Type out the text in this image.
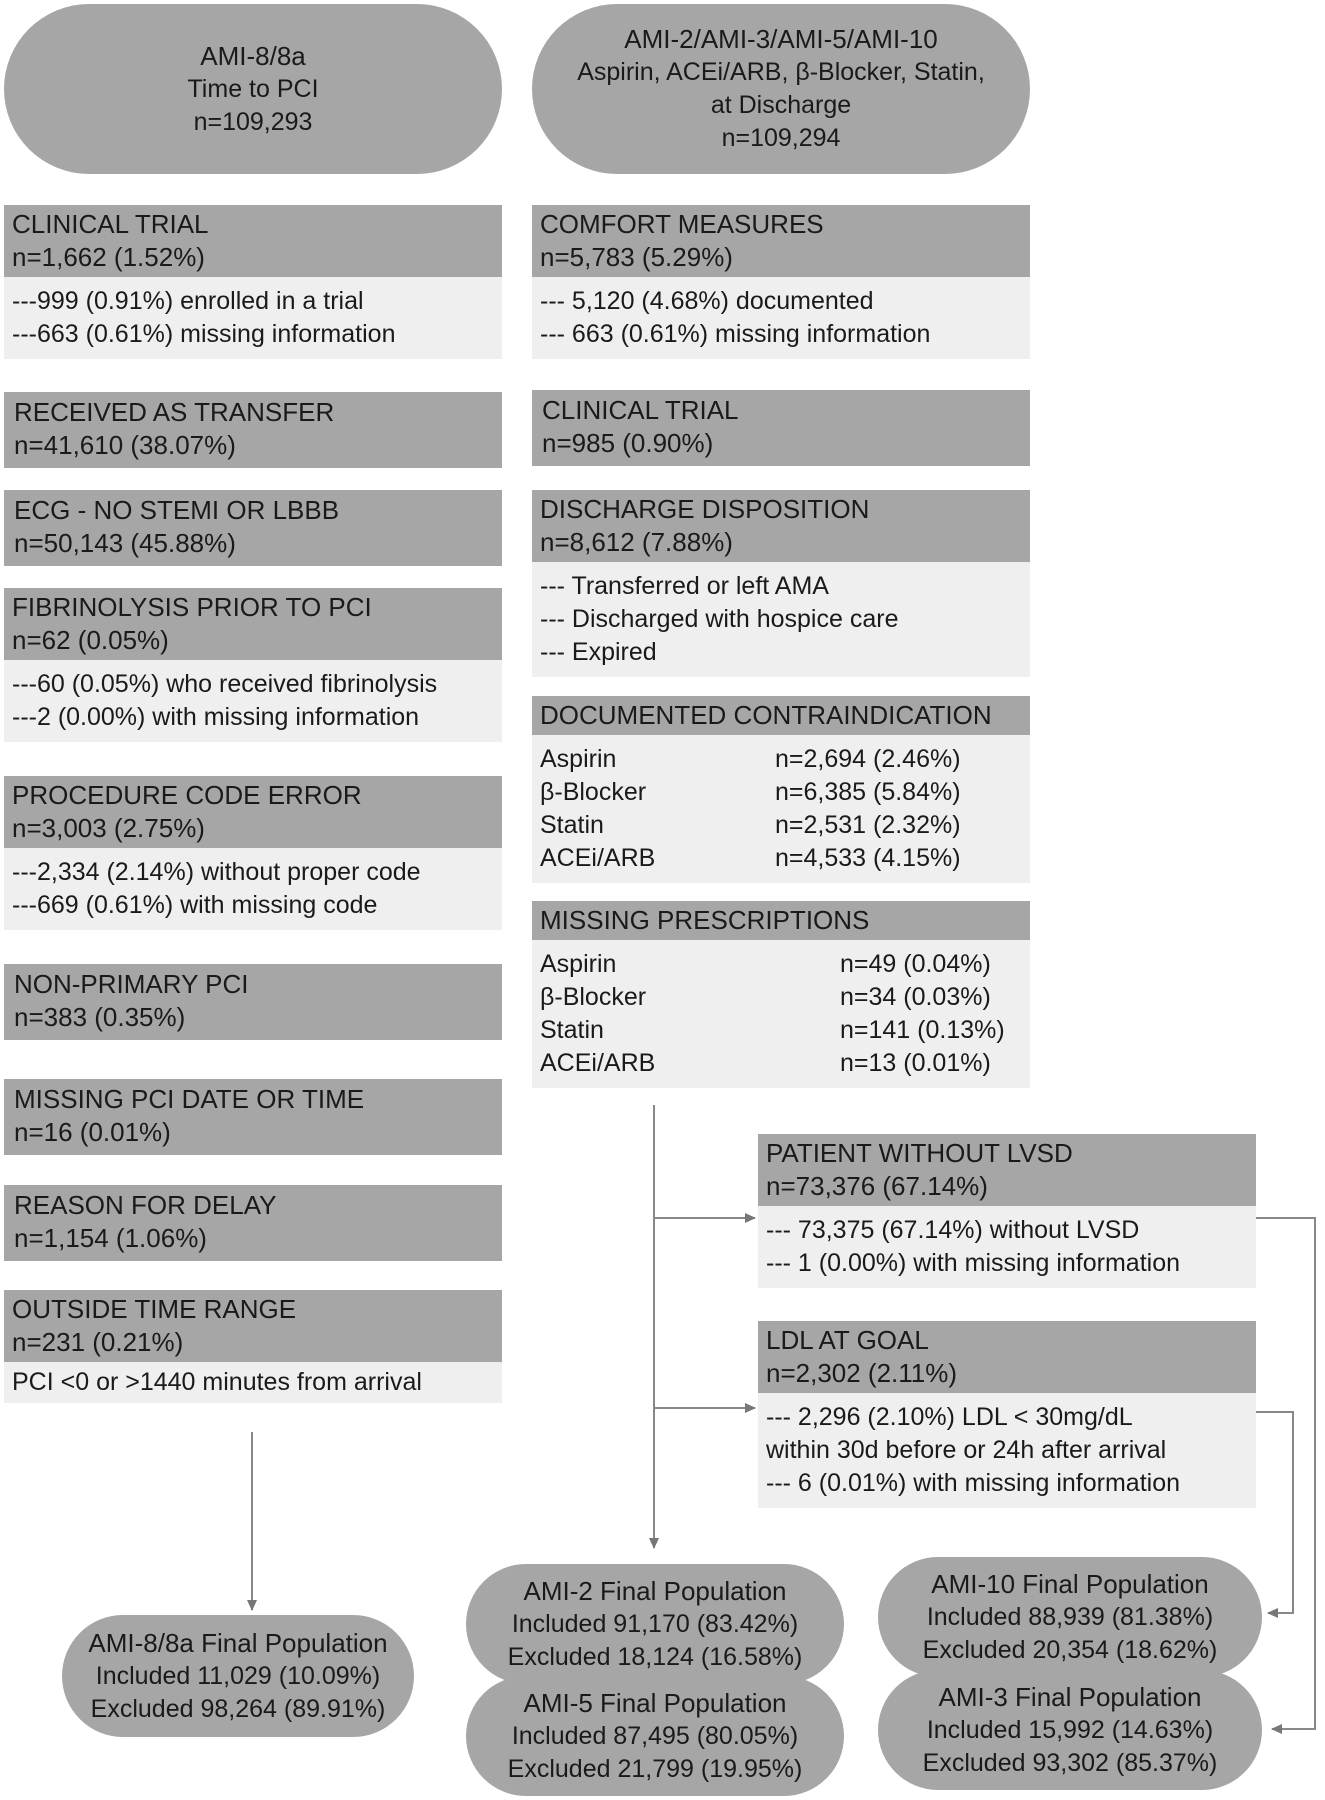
AMI-8/8a
Time to PCI
n=109,293
AMI-2/AMI-3/AMI-5/AMI-10
Aspirin, ACEi/ARB, β-Blocker, Statin,
at Discharge
n=109,294
CLINICAL TRIAL
n=1,662 (1.52%)
---999 (0.91%) enrolled in a trial
---663 (0.61%) missing information
RECEIVED AS TRANSFER
n=41,610 (38.07%)
ECG - NO STEMI OR LBBB
n=50,143 (45.88%)
FIBRINOLYSIS PRIOR TO PCI
n=62 (0.05%)
---60 (0.05%) who received fibrinolysis
---2 (0.00%) with missing information
PROCEDURE CODE ERROR
n=3,003 (2.75%)
---2,334 (2.14%) without proper code
---669 (0.61%) with missing code
NON-PRIMARY PCI
n=383 (0.35%)
MISSING PCI DATE OR TIME
n=16 (0.01%)
REASON FOR DELAY
n=1,154 (1.06%)
OUTSIDE TIME RANGE
n=231 (0.21%)
PCI <0 or >1440 minutes from arrival
COMFORT MEASURES
n=5,783 (5.29%)
--- 5,120 (4.68%) documented
--- 663 (0.61%) missing information
CLINICAL TRIAL
n=985 (0.90%)
DISCHARGE DISPOSITION
n=8,612 (7.88%)
--- Transferred or left AMA
--- Discharged with hospice care
--- Expired
DOCUMENTED CONTRAINDICATION
Aspirin	n=2,694 (2.46%)
β-Blocker	n=6,385 (5.84%)
Statin	n=2,531 (2.32%)
ACEi/ARB	n=4,533 (4.15%)
MISSING PRESCRIPTIONS
Aspirin	n=49 (0.04%)
β-Blocker	n=34 (0.03%)
Statin	n=141 (0.13%)
ACEi/ARB	n=13 (0.01%)
PATIENT WITHOUT LVSD
n=73,376 (67.14%)
--- 73,375 (67.14%) without LVSD
--- 1 (0.00%) with missing information
LDL AT GOAL
n=2,302 (2.11%)
--- 2,296 (2.10%) LDL < 30mg/dL
within 30d before or 24h after arrival
--- 6 (0.01%) with missing information
AMI-8/8a Final Population
Included 11,029 (10.09%)
Excluded 98,264 (89.91%)
AMI-2 Final Population
Included 91,170 (83.42%)
Excluded 18,124 (16.58%)
AMI-5 Final Population
Included 87,495 (80.05%)
Excluded 21,799 (19.95%)
AMI-10 Final Population
Included 88,939 (81.38%)
Excluded 20,354 (18.62%)
AMI-3 Final Population
Included 15,992 (14.63%)
Excluded 93,302 (85.37%)
